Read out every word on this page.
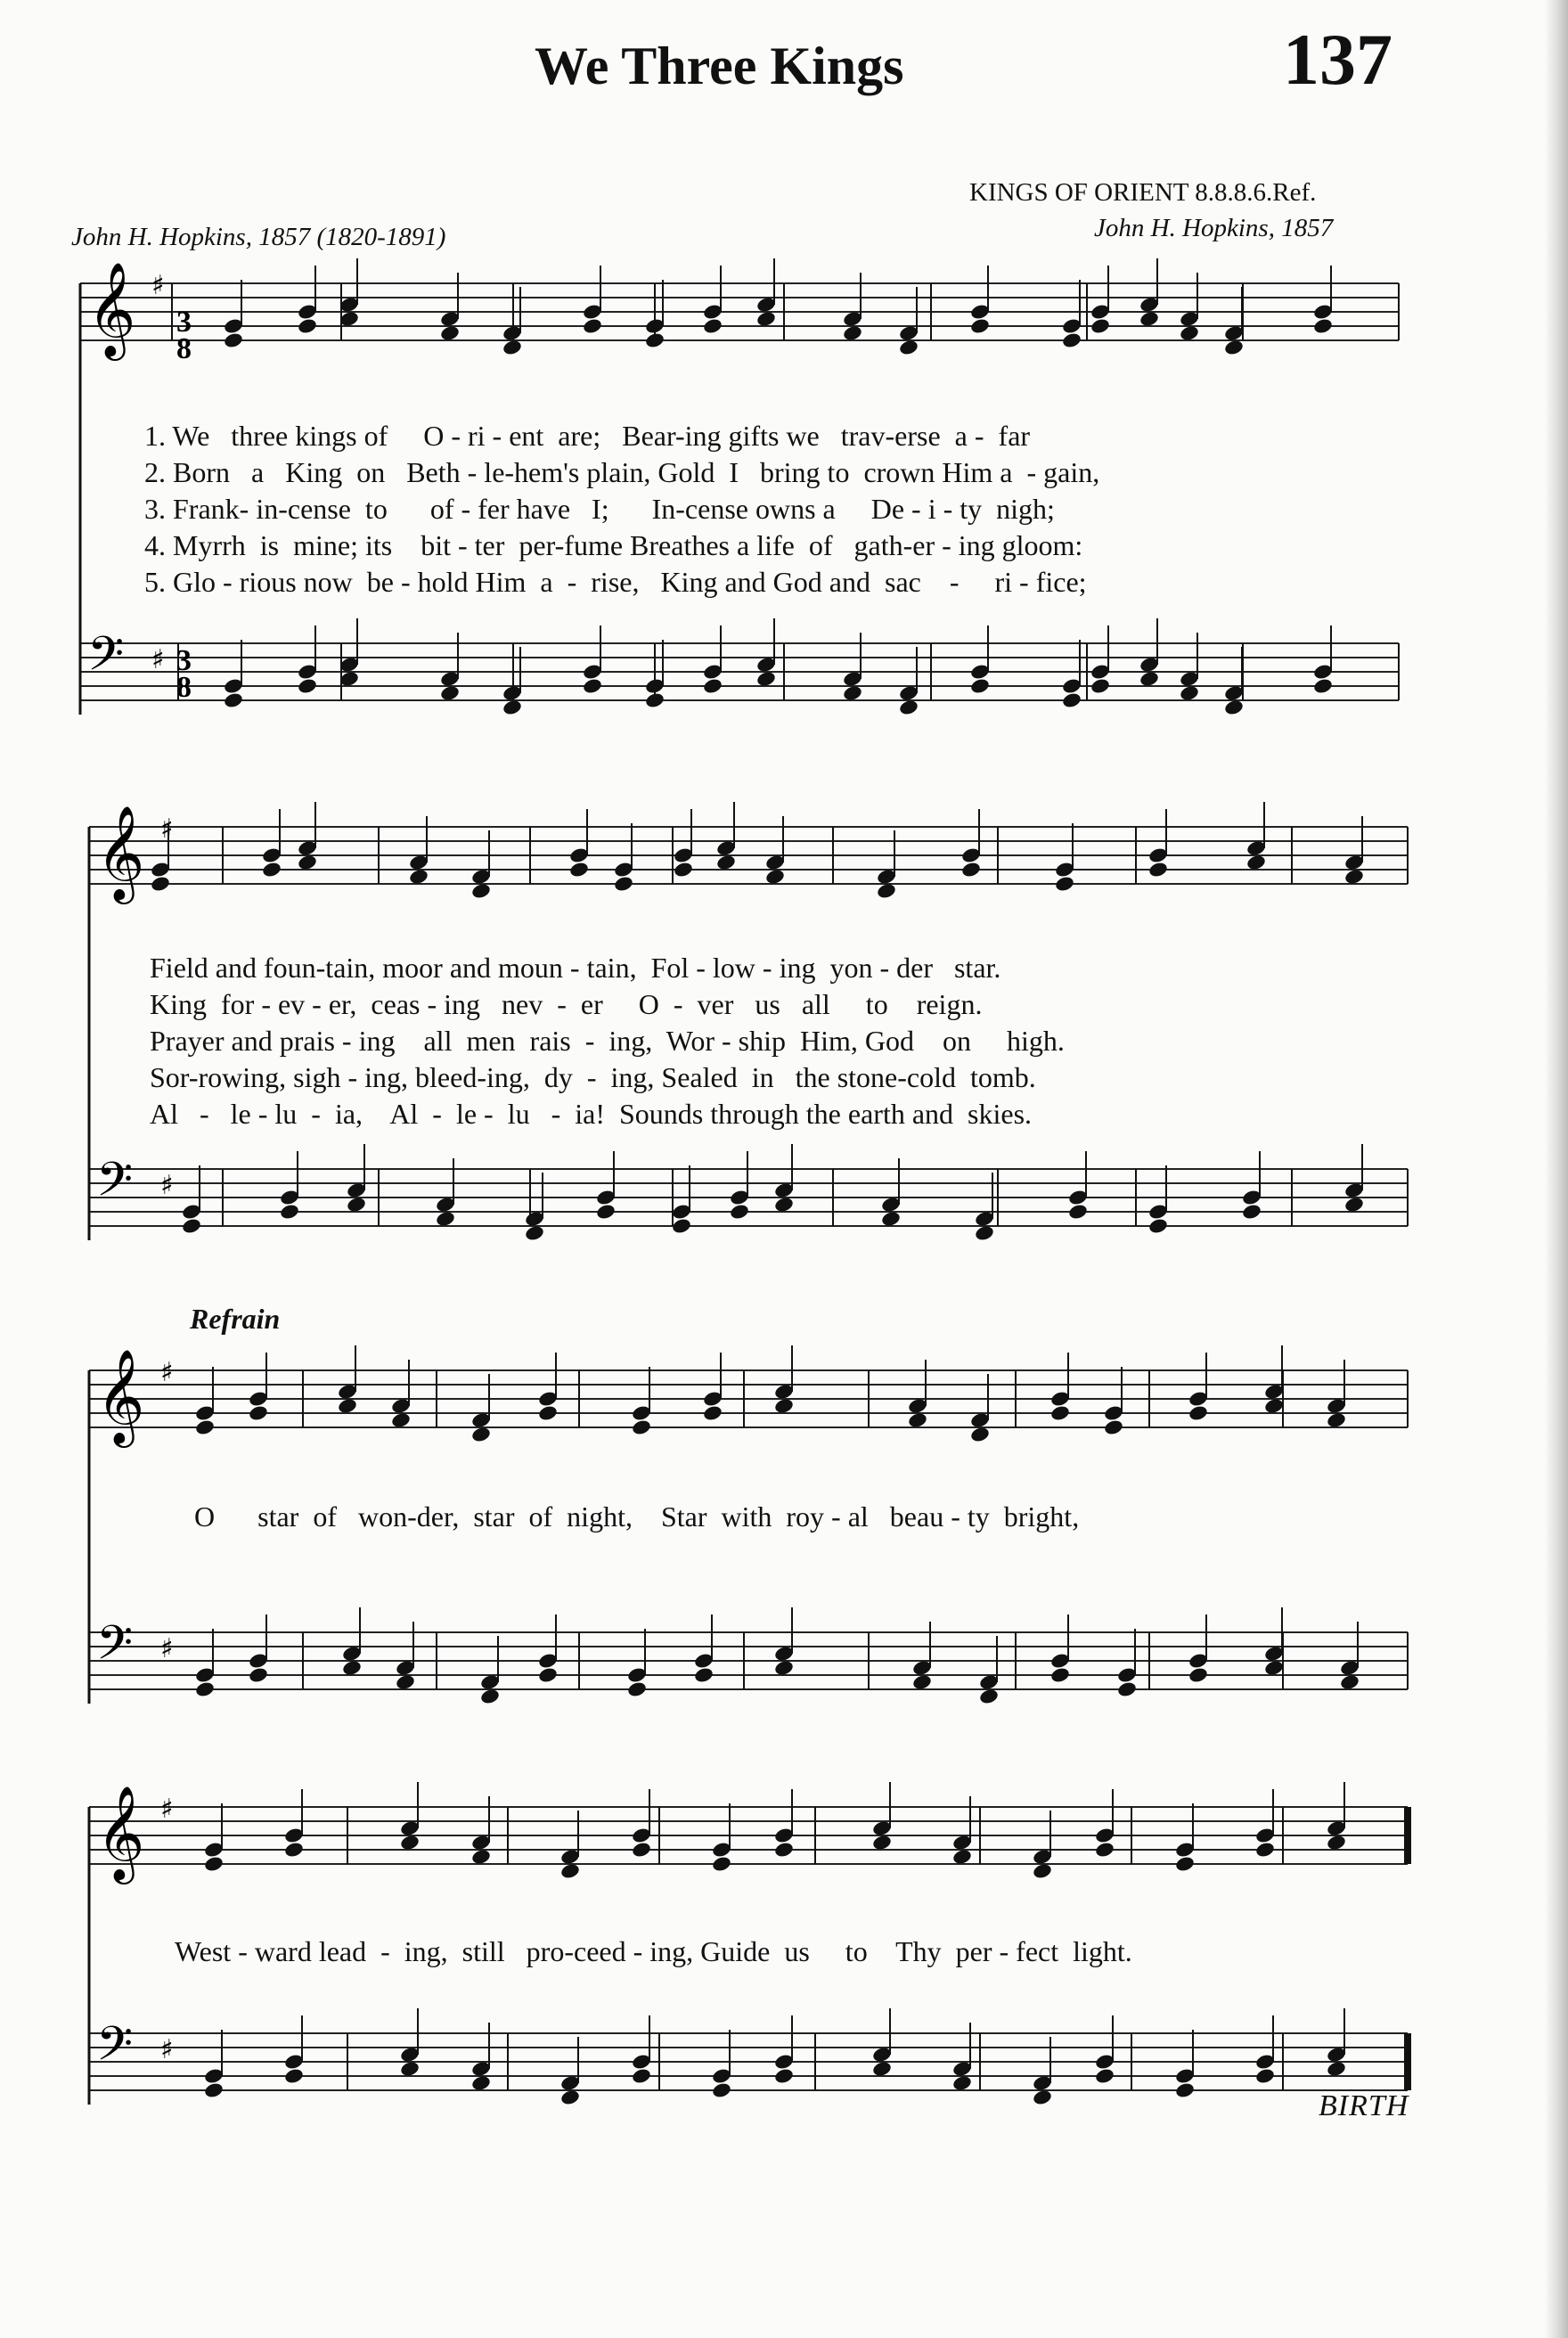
We Three Kings	137
KINGS OF ORIENT 8.8.8.6.Ref.
John H. Hopkins, 1857
John H. Hopkins, 1857 (1820-1891)
𝄞 ♯
𝄢 ♯ 3
8
3
8
1. We   three kings of     O - ri - ent  are;   Bear-ing gifts we   trav-erse  a -  far
2. Born   a   King  on   Beth - le-hem's plain, Gold  I   bring to  crown Him a  - gain,
3. Frank- in-cense  to      of - fer have   I;      In-cense owns a     De - i - ty  nigh;
4. Myrrh  is  mine; its    bit - ter  per-fume Breathes a life  of   gath-er - ing gloom:
5. Glo - rious now  be - hold Him  a  -  rise,   King and God and  sac    -     ri - fice;
𝄞 ♯
𝄢 ♯
Field and foun-tain, moor and moun - tain,  Fol - low - ing  yon - der   star.
King  for - ev - er,  ceas - ing   nev  -  er     O  -  ver   us   all     to    reign.
Prayer and prais - ing    all  men  rais  -  ing,  Wor - ship  Him, God    on     high.
Sor-rowing, sigh - ing, bleed-ing,  dy  -  ing, Sealed  in   the stone-cold  tomb.
Al   -   le - lu  -  ia,    Al  -  le -  lu   -  ia!  Sounds through the earth and  skies.
Refrain
𝄞 ♯
𝄢 ♯
O      star  of   won-der,  star  of  night,    Star  with  roy - al   beau - ty  bright,
𝄞 ♯
𝄢 ♯
West - ward lead  -  ing,  still   pro-ceed - ing, Guide  us     to    Thy  per - fect  light.
BIRTH
